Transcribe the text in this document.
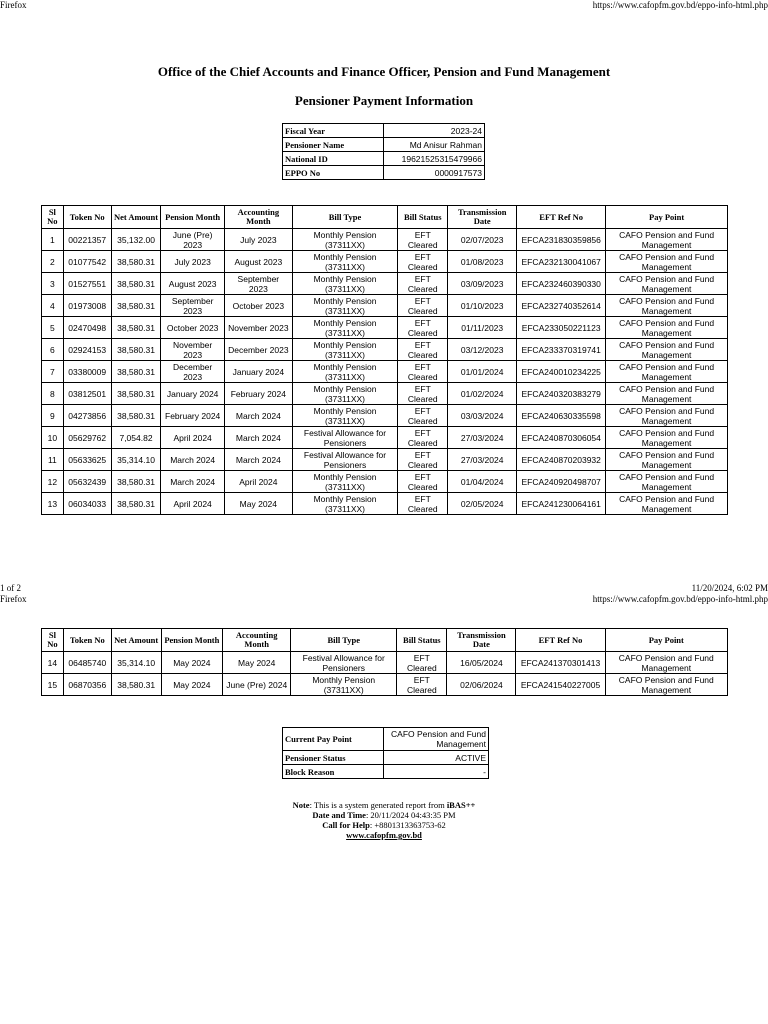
Firefox	https://www.cafopfm.gov.bd/eppo-info-html.php
Office of the Chief Accounts and Finance Officer, Pension and Fund Management
Pensioner Payment Information
Fiscal Year	2023-24
Pensioner Name	Md Anisur Rahman
National ID	19621525315479966
EPPO No	0000917573
Sl No	Token No	Net Amount	Pension Month	Accounting Month	Bill Type	Bill Status	Transmission Date	EFT Ref No	Pay Point
1	00221357	35,132.00	June (Pre) 2023	July 2023	Monthly Pension (37311XX)	EFT Cleared	02/07/2023	EFCA231830359856	CAFO Pension and Fund Management
2	01077542	38,580.31	July 2023	August 2023	Monthly Pension (37311XX)	EFT Cleared	01/08/2023	EFCA232130041067	CAFO Pension and Fund Management
3	01527551	38,580.31	August 2023	September 2023	Monthly Pension (37311XX)	EFT Cleared	03/09/2023	EFCA232460390330	CAFO Pension and Fund Management
4	01973008	38,580.31	September 2023	October 2023	Monthly Pension (37311XX)	EFT Cleared	01/10/2023	EFCA232740352614	CAFO Pension and Fund Management
5	02470498	38,580.31	October 2023	November 2023	Monthly Pension (37311XX)	EFT Cleared	01/11/2023	EFCA233050221123	CAFO Pension and Fund Management
6	02924153	38,580.31	November 2023	December 2023	Monthly Pension (37311XX)	EFT Cleared	03/12/2023	EFCA233370319741	CAFO Pension and Fund Management
7	03380009	38,580.31	December 2023	January 2024	Monthly Pension (37311XX)	EFT Cleared	01/01/2024	EFCA240010234225	CAFO Pension and Fund Management
8	03812501	38,580.31	January 2024	February 2024	Monthly Pension (37311XX)	EFT Cleared	01/02/2024	EFCA240320383279	CAFO Pension and Fund Management
9	04273856	38,580.31	February 2024	March 2024	Monthly Pension (37311XX)	EFT Cleared	03/03/2024	EFCA240630335598	CAFO Pension and Fund Management
10	05629762	7,054.82	April 2024	March 2024	Festival Allowance for Pensioners	EFT Cleared	27/03/2024	EFCA240870306054	CAFO Pension and Fund Management
11	05633625	35,314.10	March 2024	March 2024	Festival Allowance for Pensioners	EFT Cleared	27/03/2024	EFCA240870203932	CAFO Pension and Fund Management
12	05632439	38,580.31	March 2024	April 2024	Monthly Pension (37311XX)	EFT Cleared	01/04/2024	EFCA240920498707	CAFO Pension and Fund Management
13	06034033	38,580.31	April 2024	May 2024	Monthly Pension (37311XX)	EFT Cleared	02/05/2024	EFCA241230064161	CAFO Pension and Fund Management
1 of 2	11/20/2024, 6:02 PM
Firefox	https://www.cafopfm.gov.bd/eppo-info-html.php
Sl No	Token No	Net Amount	Pension Month	Accounting Month	Bill Type	Bill Status	Transmission Date	EFT Ref No	Pay Point
14	06485740	35,314.10	May 2024	May 2024	Festival Allowance for Pensioners	EFT Cleared	16/05/2024	EFCA241370301413	CAFO Pension and Fund Management
15	06870356	38,580.31	May 2024	June (Pre) 2024	Monthly Pension (37311XX)	EFT Cleared	02/06/2024	EFCA241540227005	CAFO Pension and Fund Management
Current Pay Point	CAFO Pension and Fund Management
Pensioner Status	ACTIVE
Block Reason	-
Note: This is a system generated report from iBAS++
Date and Time: 20/11/2024 04:43:35 PM
Call for Help: +8801313363753-62
www.cafopfm.gov.bd
